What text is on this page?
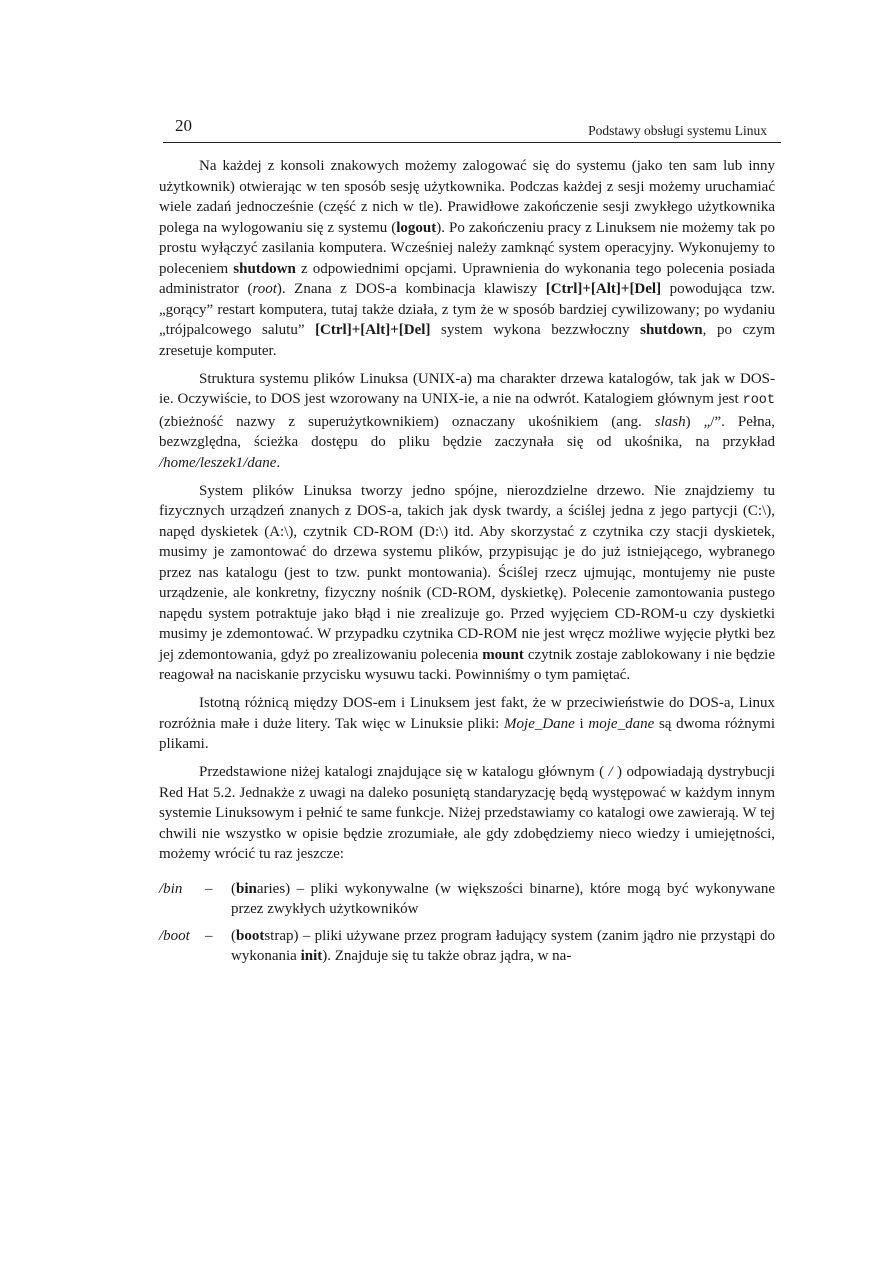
20	Podstawy obsługi systemu Linux

Na każdej z konsoli znakowych możemy zalogować się do systemu (jako ten sam lub inny użytkownik) otwierając w ten sposób sesję użytkownika. Podczas każdej z sesji możemy uruchamiać wiele zadań jednocześnie (część z nich w tle). Prawidłowe zakończenie sesji zwykłego użytkownika polega na wylogowaniu się z systemu (logout). Po zakończeniu pracy z Linuksem nie możemy tak po prostu wyłączyć zasilania komputera. Wcześniej należy zamknąć system operacyjny. Wykonujemy to poleceniem shutdown z odpowiednimi opcjami. Uprawnienia do wykonania tego polecenia posiada administrator (root). Znana z DOS-a kombinacja klawiszy [Ctrl]+[Alt]+[Del] powodująca tzw. „gorący” restart komputera, tutaj także działa, z tym że w sposób bardziej cywilizowany; po wydaniu „trójpalcowego salutu” [Ctrl]+[Alt]+[Del] system wykona bezzwłoczny shutdown, po czym zresetuje komputer.

Struktura systemu plików Linuksa (UNIX-a) ma charakter drzewa katalogów, tak jak w DOS-ie. Oczywiście, to DOS jest wzorowany na UNIX-ie, a nie na odwrót. Katalogiem głównym jest root (zbieżność nazwy z superużytkownikiem) oznaczany ukośnikiem (ang. slash) „/”. Pełna, bezwzględna, ścieżka dostępu do pliku będzie zaczynała się od ukośnika, na przykład /home/leszek1/dane.

System plików Linuksa tworzy jedno spójne, nierozdzielne drzewo. Nie znajdziemy tu fizycznych urządzeń znanych z DOS-a, takich jak dysk twardy, a ściślej jedna z jego partycji (C:\), napęd dyskietek (A:\), czytnik CD-ROM (D:\) itd. Aby skorzystać z czytnika czy stacji dyskietek, musimy je zamontować do drzewa systemu plików, przypisując je do już istniejącego, wybranego przez nas katalogu (jest to tzw. punkt montowania). Ściślej rzecz ujmując, montujemy nie puste urządzenie, ale konkretny, fizyczny nośnik (CD-ROM, dyskietkę). Polecenie zamontowania pustego napędu system potraktuje jako błąd i nie zrealizuje go. Przed wyjęciem CD-ROM-u czy dyskietki musimy je zdemontować. W przypadku czytnika CD-ROM nie jest wręcz możliwe wyjęcie płytki bez jej zdemontowania, gdyż po zrealizowaniu polecenia mount czytnik zostaje zablokowany i nie będzie reagował na naciskanie przycisku wysuwu tacki. Powinniśmy o tym pamiętać.

Istotną różnicą między DOS-em i Linuksem jest fakt, że w przeciwieństwie do DOS-a, Linux rozróżnia małe i duże litery. Tak więc w Linuksie pliki: Moje_Dane i moje_dane są dwoma różnymi plikami.

Przedstawione niżej katalogi znajdujące się w katalogu głównym ( / ) odpowiadają dystrybucji Red Hat 5.2. Jednakże z uwagi na daleko posuniętą standaryzację będą występować w każdym innym systemie Linuksowym i pełnić te same funkcje. Niżej przedstawiamy co katalogi owe zawierają. W tej chwili nie wszystko w opisie będzie zrozumiałe, ale gdy zdobędziemy nieco wiedzy i umiejętności, możemy wrócić tu raz jeszcze:

/bin	–	(binaries) – pliki wykonywalne (w większości binarne), które mogą być wykonywane przez zwykłych użytkowników
/boot	–	(bootstrap) – pliki używane przez program ładujący system (zanim jądro nie przystąpi do wykonania init). Znajduje się tu także obraz jądra, w na-
